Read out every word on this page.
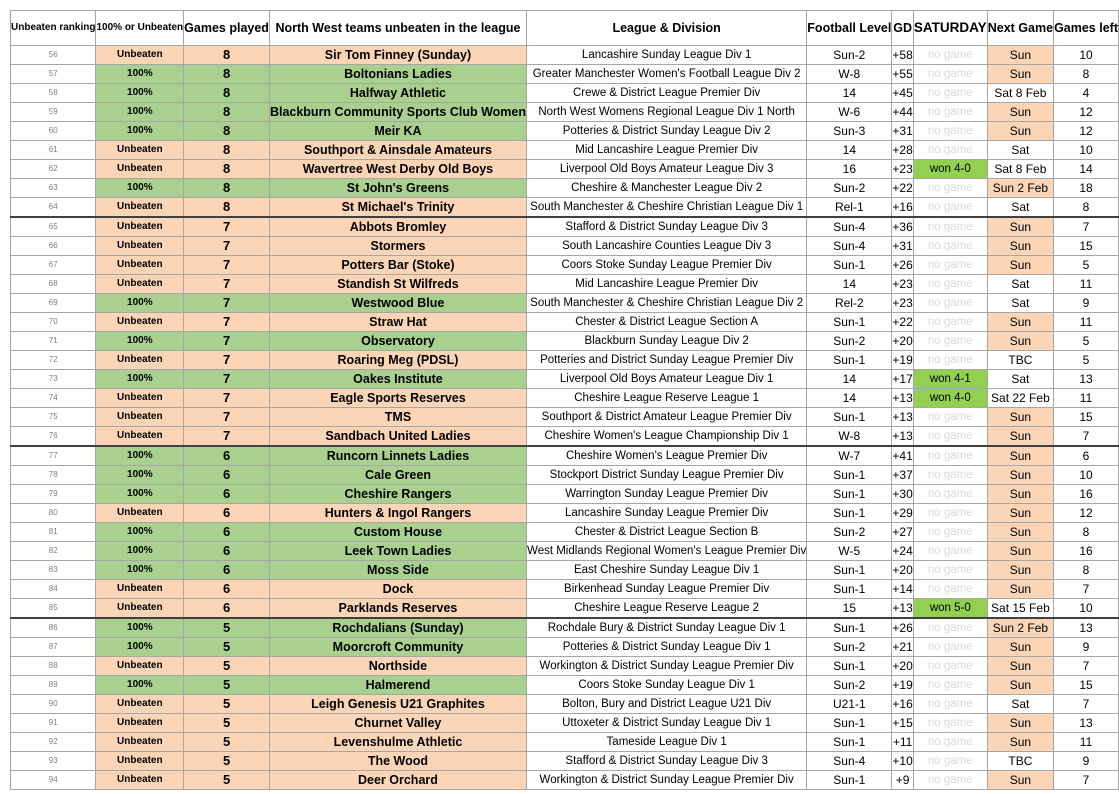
Unbeaten ranking	100% or Unbeaten	Games played	North West teams unbeaten in the league	League & Division	Football Level	GD	SATURDAY	Next Game	Games left
56	Unbeaten	8	Sir Tom Finney (Sunday)	Lancashire Sunday League Div 1	Sun-2	+58	no game	Sun	10
57	100%	8	Boltonians Ladies	Greater Manchester Women's Football League Div 2	W-8	+55	no game	Sun	8
58	100%	8	Halfway Athletic	Crewe & District League Premier Div	14	+45	no game	Sat 8 Feb	4
59	100%	8	Blackburn Community Sports Club Women	North West Womens Regional League Div 1 North	W-6	+44	no game	Sun	12
60	100%	8	Meir KA	Potteries & District Sunday League Div 2	Sun-3	+31	no game	Sun	12
61	Unbeaten	8	Southport & Ainsdale Amateurs	Mid Lancashire League Premier Div	14	+28	no game	Sat	10
62	Unbeaten	8	Wavertree West Derby Old Boys	Liverpool Old Boys Amateur League Div 3	16	+23	won 4-0	Sat 8 Feb	14
63	100%	8	St John's Greens	Cheshire & Manchester League Div 2	Sun-2	+22	no game	Sun 2 Feb	18
64	Unbeaten	8	St Michael's Trinity	South Manchester & Cheshire Christian League Div 1	Rel-1	+16	no game	Sat	8
65	Unbeaten	7	Abbots Bromley	Stafford & District Sunday League Div 3	Sun-4	+36	no game	Sun	7
66	Unbeaten	7	Stormers	South Lancashire Counties League Div 3	Sun-4	+31	no game	Sun	15
67	Unbeaten	7	Potters Bar (Stoke)	Coors Stoke Sunday League Premier Div	Sun-1	+26	no game	Sun	5
68	Unbeaten	7	Standish St Wilfreds	Mid Lancashire League Premier Div	14	+23	no game	Sat	11
69	100%	7	Westwood Blue	South Manchester & Cheshire Christian League Div 2	Rel-2	+23	no game	Sat	9
70	Unbeaten	7	Straw Hat	Chester & District League Section A	Sun-1	+22	no game	Sun	11
71	100%	7	Observatory	Blackburn Sunday League Div 2	Sun-2	+20	no game	Sun	5
72	Unbeaten	7	Roaring Meg (PDSL)	Potteries and District Sunday League Premier Div	Sun-1	+19	no game	TBC	5
73	100%	7	Oakes Institute	Liverpool Old Boys Amateur League Div 1	14	+17	won 4-1	Sat	13
74	Unbeaten	7	Eagle Sports Reserves	Cheshire League Reserve League 1	14	+13	won 4-0	Sat 22 Feb	11
75	Unbeaten	7	TMS	Southport & District Amateur League Premier Div	Sun-1	+13	no game	Sun	15
76	Unbeaten	7	Sandbach United Ladies	Cheshire Women's League Championship Div 1	W-8	+13	no game	Sun	7
77	100%	6	Runcorn Linnets Ladies	Cheshire Women's League Premier Div	W-7	+41	no game	Sun	6
78	100%	6	Cale Green	Stockport District Sunday League Premier Div	Sun-1	+37	no game	Sun	10
79	100%	6	Cheshire Rangers	Warrington Sunday League Premier Div	Sun-1	+30	no game	Sun	16
80	Unbeaten	6	Hunters & Ingol Rangers	Lancashire Sunday League Premier Div	Sun-1	+29	no game	Sun	12
81	100%	6	Custom House	Chester & District League Section B	Sun-2	+27	no game	Sun	8
82	100%	6	Leek Town Ladies	West Midlands Regional Women's League Premier Div	W-5	+24	no game	Sun	16
83	100%	6	Moss Side	East Cheshire Sunday League Div 1	Sun-1	+20	no game	Sun	8
84	Unbeaten	6	Dock	Birkenhead Sunday League Premier Div	Sun-1	+14	no game	Sun	7
85	Unbeaten	6	Parklands Reserves	Cheshire League Reserve League 2	15	+13	won 5-0	Sat 15 Feb	10
86	100%	5	Rochdalians (Sunday)	Rochdale Bury & District Sunday League Div 1	Sun-1	+26	no game	Sun 2 Feb	13
87	100%	5	Moorcroft Community	Potteries & District Sunday League Div 1	Sun-2	+21	no game	Sun	9
88	Unbeaten	5	Northside	Workington & District Sunday League Premier Div	Sun-1	+20	no game	Sun	7
89	100%	5	Halmerend	Coors Stoke Sunday League Div 1	Sun-2	+19	no game	Sun	15
90	Unbeaten	5	Leigh Genesis U21 Graphites	Bolton, Bury and District League U21 Div	U21-1	+16	no game	Sat	7
91	Unbeaten	5	Churnet Valley	Uttoxeter & District Sunday League Div 1	Sun-1	+15	no game	Sun	13
92	Unbeaten	5	Levenshulme Athletic	Tameside League Div 1	Sun-1	+11	no game	Sun	11
93	Unbeaten	5	The Wood	Stafford & District Sunday League Div 3	Sun-4	+10	no game	TBC	9
94	Unbeaten	5	Deer Orchard	Workington & District Sunday League Premier Div	Sun-1	+9	no game	Sun	7
